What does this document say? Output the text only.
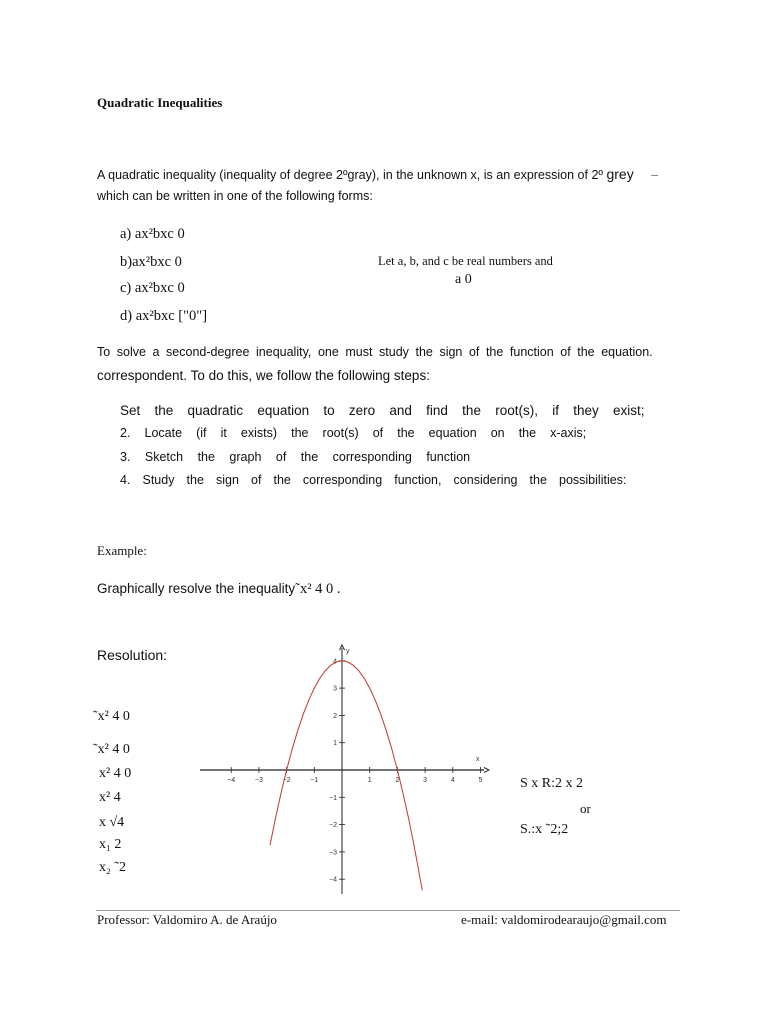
Quadratic Inequalities
A quadratic inequality (inequality of degree 2ºgray), in the unknown x, is an expression of 2º grey –
which can be written in one of the following forms:
a) ax²bxc 0
b)ax²bxc 0
c) ax²bxc 0
d) ax²bxc ["0"]
Let a, b, and c be real numbers and
a 0
To solve a second-degree inequality, one must study the sign of the function of the equation.
correspondent. To do this, we follow the following steps:
Set the quadratic equation to zero and find the root(s), if they exist;
2. Locate (if it exists) the root(s) of the equation on the x-axis;
3. Sketch the graph of the corresponding function
4. Study the sign of the corresponding function, considering the possibilities:
Example:
Graphically resolve the inequality˜x² 4 0 .
Resolution:
˜x² 4 0
˜x² 4 0
x² 4 0
x² 4
x √4
x₁ 2
x₂ ˜2
x
y
−4	−3	−2	−1	1	2	3	4	5
4
3
2
1
−1
−2
−3
−4
S x R:2 x 2
or
S.:x ˜2;2
Professor: Valdomiro A. de Araújo	e-mail: valdomirodearaujo@gmail.com
